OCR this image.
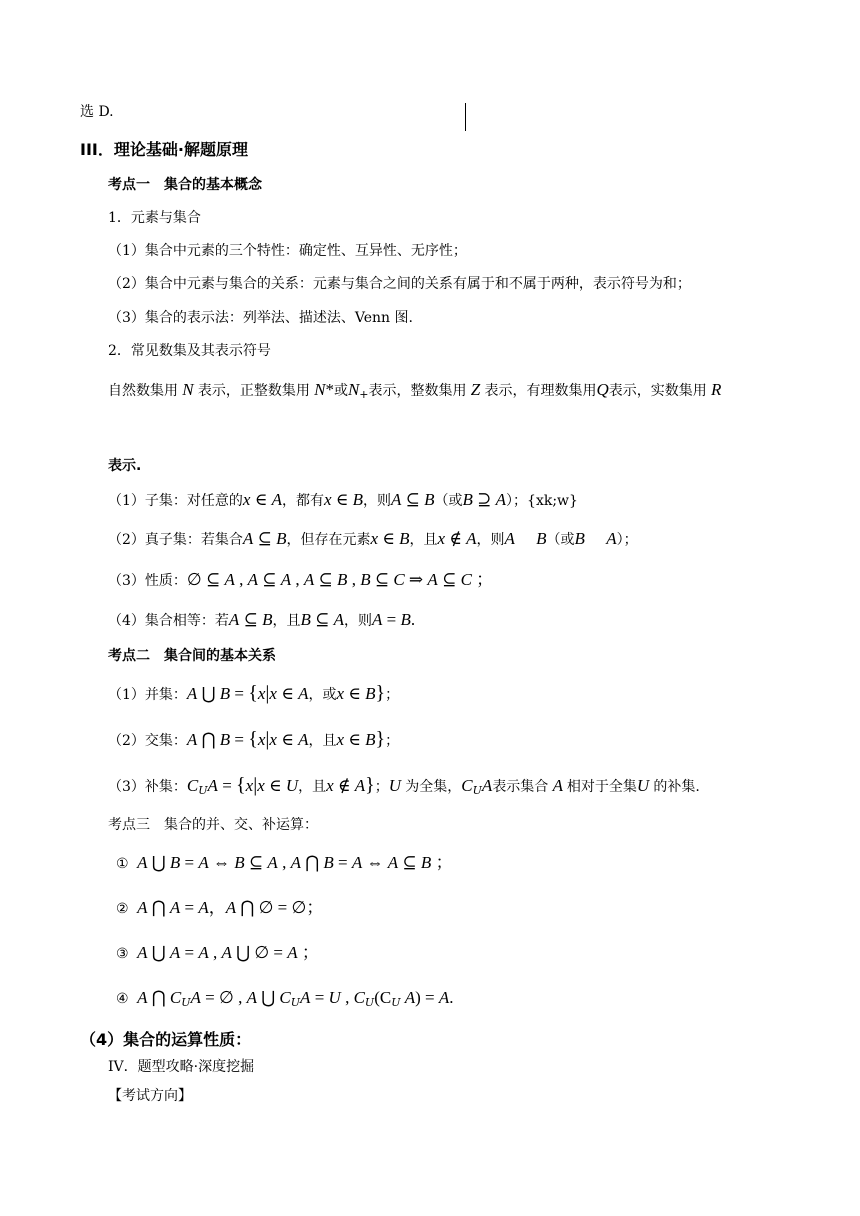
选 D.
III．理论基础·解题原理
考点一　集合的基本概念
1．元素与集合
（1）集合中元素的三个特性：确定性、互异性、无序性；
（2）集合中元素与集合的关系：元素与集合之间的关系有属于和不属于两种，表示符号为和；
（3）集合的表示法：列举法、描述法、Venn 图.
2．常见数集及其表示符号
自然数集用 N 表示，正整数集用 N*或$N_+$表示，整数集用 Z 表示，有理数集用Q表示，实数集用 R
表示.
（1）子集：对任意的x ∈ A，都有x ∈ B，则A ⊆ B（或B ⊇ A）；{xk;w}
（2）真子集：若集合A ⊆ B，但存在元素x ∈ B，且x ∉ A，则A B（或B A）；
（3）性质：∅ ⊆ A , A ⊆ A , A ⊆ B , B ⊆ C ⇒ A ⊆ C ；
（4）集合相等：若A ⊆ B，且B ⊆ A，则A = B.
考点二　集合间的基本关系
（1）并集：A ⋃ B = {x|x ∈ A，或x ∈ B}；
（2）交集：A ⋂ B = {x|x ∈ A，且x ∈ B}；
（3）补集：$C_UA = \{x|x$ ∈ U，且x ∉ A}；U 为全集，$C_UA$表示集合 A 相对于全集U 的补集.
考点三　集合的并、交、补运算：
① A ⋃ B = A ⇔ B ⊆ A , A ⋂ B = A ⇔ A ⊆ B ；
② A ⋂ A = A，A ⋂ ∅ = ∅；
③ A ⋃ A = A , A ⋃ ∅ = A ；
④ A ⋂ $C_UA$ = ∅ , A ⋃ $C_UA = U$ , $C_U(C_U$ A) = A.
（4）集合的运算性质：
IV．题型攻略·深度挖掘
【考试方向】
